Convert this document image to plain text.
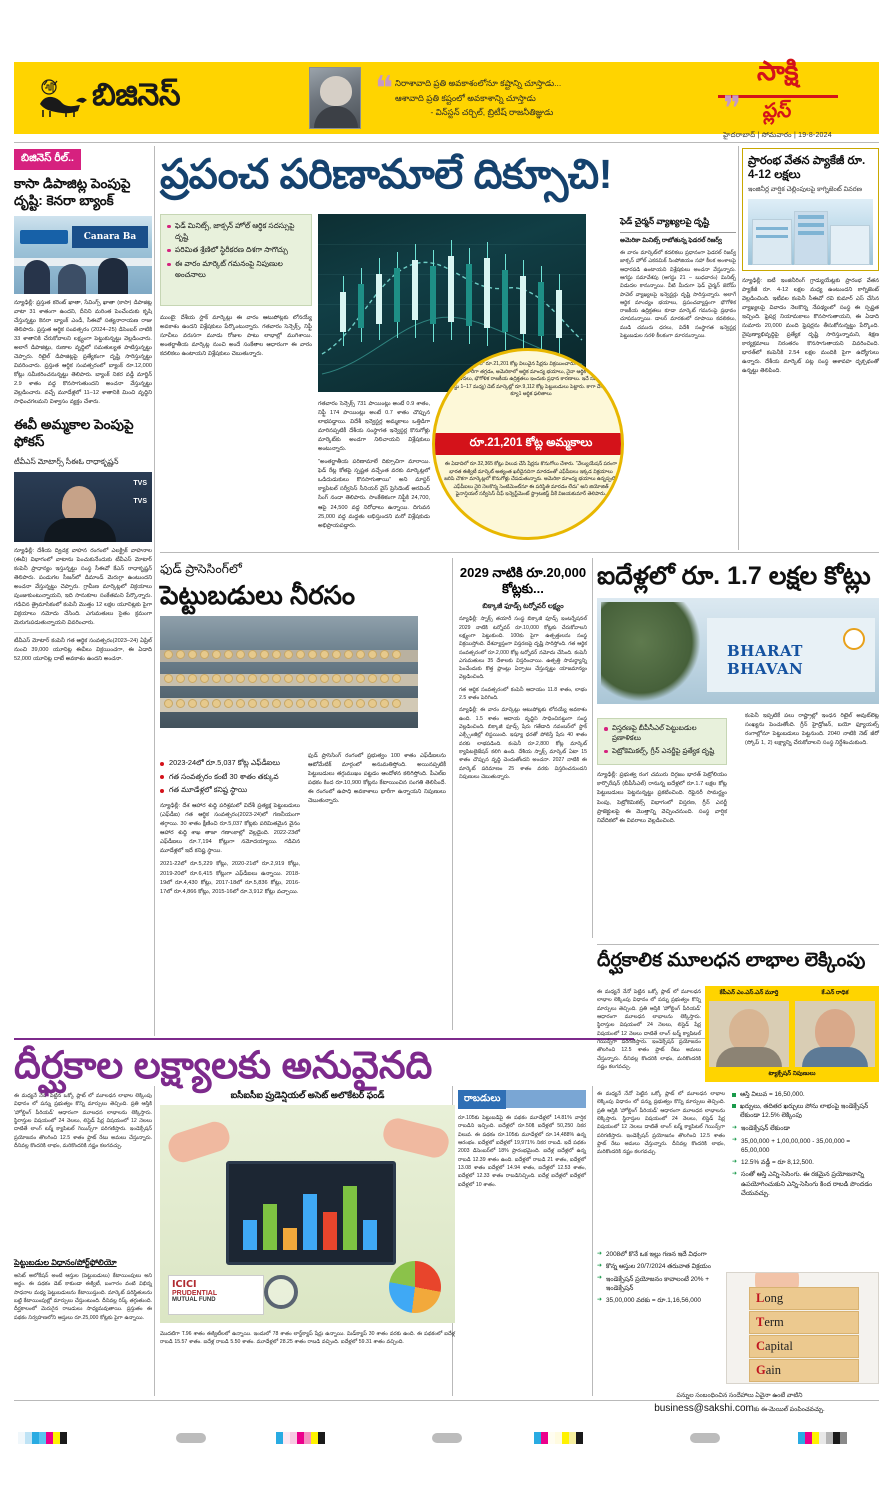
బిజినెస్	❝ నిరాశావాది ప్రతి అవకాశంలోనూ కష్టాన్ని చూస్తాడు...

ఆశావాది ప్రతి కష్టంలో అవకాశాన్ని చూస్తాడు

- విన్‌స్టన్ చర్చిల్, బ్రిటీష్ రాజనీతిజ్ఞుడు	❞
సాక్షి
ప్లస్
హైదరాబాద్ ‌‌| సోమవారం | 19-8-2024
బిజినెస్ రీల్..
కాసా డిపాజిట్ల పెంపుపై దృష్టి: కెనరా బ్యాంక్
Canara Ba
న్యూఢిల్లీ: ప్రస్తుత కరెంట్ ఖాతా, సేవింగ్స్ ఖాతా (కాసా) డిపాజిట్ల వాటా 31 శాతంగా ఉందని, దీనిని మరింత పెంచేందుకు కృషి చేస్తున్నట్టు కెనరా బ్యాంక్ ఎండీ, సీఈవో సత్యనారాయణ రాజు తెలిపారు. ప్రస్తుత ఆర్థిక సంవత్సరం (2024–25) డిసెంబర్ నాటికి 33 శాతానికి చేరుకోవాలని లక్ష్యంగా పెట్టుకున్నట్టు వెల్లడించారు. అలాగే డిపాజిట్లు, రుణాల వృద్ధిలో సమతుల్యత పాటిస్తున్నట్టు చెప్పారు. రిటైల్ డిపాజిట్లపై ప్రత్యేకంగా దృష్టి సారిస్తున్నట్టు వివరించారు. ప్రస్తుత ఆర్థిక సంవత్సరంలో బ్యాంక్ రూ.12,000 కోట్లు సమీకరించనున్నట్టు తెలిపారు. బ్యాంక్ నికర వడ్డీ మార్జిన్ 2.9 శాతం వద్ద కొనసాగుతుందని అంచనా వేస్తున్నట్టు వెల్లడించారు. వచ్చే మూడేళ్లలో 11–12 శాతానికి మించి వృద్ధిని సాధించగలమని విశ్వాసం వ్యక్తం చేశారు.
ఈవీ అమ్మకాల పెంపుపై ఫోకస్
టీవీఎస్ మోటార్స్ సీఈఓ రాధాకృష్ణన్
TVS
TVS
న్యూఢిల్లీ: దేశీయ ద్విచక్ర వాహన రంగంలో ఎలక్ట్రిక్ వాహనాల (ఈవీ) విభాగంలో వాటాను పెంచుకునేందుకు టీవీఎస్ మోటార్ కంపెనీ ప్రాధాన్యం ఇస్తున్నట్టు సంస్థ సీఈవో కేఎన్ రాధాకృష్ణన్ తెలిపారు. పండుగల సీజన్‌లో డిమాండ్ మెరుగ్గా ఉంటుందని అంచనా వేస్తున్నట్టు చెప్పారు. గ్రామీణ మార్కెట్లలో విక్రయాలు పుంజుకుంటున్నాయని, ఇది సానుకూల సంకేతమని పేర్కొన్నారు. గడిచిన త్రైమాసికంలో కంపెనీ మొత్తం 12 లక్షల యూనిట్లకు పైగా విక్రయాలు నమోదు చేసింది. ఎగుమతులు సైతం క్రమంగా మెరుగుపడుతున్నాయని వివరించారు.
టీవీఎస్ మోటార్ కంపెనీ గత ఆర్థిక సంవత్సరం(2023–24) ఏప్రిల్ నుంచి 39,000 యూనిట్ల ఈవీలు విక్రయించగా, ఈ ఏడాది 52,000 యూనిట్ల దాటే అవకాశం ఉందని అంచనా.
పెట్టుబడుల విధానం/పోర్ట్‌ఫోలియో
అసెట్ అలోకేషన్ అంటే ఆస్తుల (పెట్టుబడులు) కేటాయింపులు అని అర్థం. ఈ పథకం డెట్ కాకుండా ఈక్విటీ, బంగారం వంటి విభిన్న సాధనాల మధ్య పెట్టుబడులను కేటాయిస్తుంది. మార్కెట్ పరిస్థితులను బట్టి కేటాయింపుల్లో మార్పులు చేస్తుంటుంది. దీనివల్ల రిస్క్ తగ్గుతుంది. దీర్ఘకాలంలో మెరుగైన రాబడులు సాధ్యమవుతాయి. ప్రస్తుతం ఈ పథకం నిర్వహణలోని ఆస్తులు రూ.25,000 కోట్లకు పైగా ఉన్నాయి.
ఈ మధ్యనే నేనో పెట్టిన ఒక్కో ప్లాట్ లో మూలధన లాభాల లెక్కింపు విధానం లో పన్ను ప్రభుత్వం కొన్ని మార్పులు తెచ్చింది. ప్రతి ఆస్తికి 'హోల్డింగ్ పీరియడ్' ఆధారంగా మూలధన లాభాలను లెక్కిస్తారు. స్థిరాస్తుల విషయంలో 24 నెలలు, లిస్టెడ్ షేర్ల విషయంలో 12 నెలలు దాటితే లాంగ్ టర్మ్ క్యాపిటల్ గెయిన్స్‌గా పరిగణిస్తారు. ఇండెక్సేషన్ ప్రయోజనం తొలగించి 12.5 శాతం ఫ్లాట్ రేటు అమలు చేస్తున్నారు. దీనివల్ల కొందరికి లాభం, మరికొందరికి నష్టం కలగవచ్చు.
ప్రపంచ పరిణామాలే దిక్సూచి!
ఫెడ్ మినిట్స్, జాక్సన్ హోల్ ఆర్థిక సదస్సుపై దృష్టి
పరిమిత శ్రేణిలో స్థిరీకరణ దిశగా సాగొచ్చు
ఈ వారం మార్కెట్ గమనంపై నిపుణుల అంచనాలు
ఫెడ్ చైర్మన్ వ్యాఖ్యలపై దృష్టి
అమెరికా మినిట్స్ రాబోతున్న ఫెడరల్ రిజర్వ్
ఈ వారం మార్కెట్‌లో కదలికలు ప్రధానంగా ఫెడరల్ రిజర్వ్ జాక్సన్ హోల్ ఎకనమిక్ సింపోజియం సహా కీలక అంశాలపై ఆధారపడి ఉంటాయని విశ్లేషకులు అంచనా వేస్తున్నారు. ఆగస్టు సమావేశపు (ఆగస్టు 21 – బుధవారం) మినిట్స్ విడుదల కానున్నాయి. వీటి మీదుగా ఫెడ్ చైర్మన్ జెరోమ్ పావెల్ వ్యాఖ్యలపై ఇన్వెస్టర్లు దృష్టి సారిస్తున్నారు. అలాగే ఆర్థిక మాంద్యం భయాలు, ప్రపంచవ్యాప్తంగా భౌగోళిక రాజకీయ ఉద్రిక్తతలు కూడా మార్కెట్ గమనంపై ప్రభావం చూపనున్నాయి. డాలర్ మారకంలో రూపాయి కదలికలు, ముడి చమురు ధరలు, విదేశీ సంస్థాగత ఇన్వెస్టర్ల పెట్టుబడుల సరళి కీలకంగా మారనున్నాయి.
ముంబై: దేశీయ స్టాక్ మార్కెట్లు ఈ వారం ఆటుపోట్లకు లోనయ్యే అవకాశం ఉందని విశ్లేషకులు పేర్కొంటున్నారు. గతవారం సెన్సెక్స్, నిఫ్టీ సూచీలు వరుసగా మూడు రోజుల పాటు లాభాల్లో ముగిశాయి. అంతర్జాతీయ మార్కెట్ల నుంచి అందే సంకేతాల ఆధారంగా ఈ వారం కదలికలు ఉంటాయని విశ్లేషకులు చెబుతున్నారు.
గతవారం సెన్సెక్స్ 731 పాయింట్లు అంటే 0.9 శాతం, నిఫ్టీ 174 పాయింట్లు అంటే 0.7 శాతం చొప్పున లాభపడ్డాయి. విదేశీ ఇన్వెస్టర్ల అమ్మకాలు ఒత్తిడిగా మారినప్పటికీ దేశీయ సంస్థాగత ఇన్వెస్టర్ల కొనుగోళ్లు మార్కెట్‌కు అండగా నిలిచాయని విశ్లేషకులు అంటున్నారు.
"అంతర్జాతీయ పరిణామాలే దిక్సూచిగా మారాయి. ఫెడ్ రేట్ల కోతపై స్పష్టత వచ్చేంత వరకు మార్కెట్లలో ఒడిదుడుకులు కొనసాగుతాయి" అని మాస్టర్ క్యాపిటల్ సర్వీసెస్ సీనియర్ వైస్ ప్రెసిడెంట్ అరవింద్ సింగ్ నందా తెలిపారు. సాంకేతికంగా నిఫ్టీకి 24,700, ఆపై 24,500 వద్ద నిరోధాలు ఉన్నాయి. దిగువన 25,000 వద్ద మద్దతు లభిస్తుందని మరో విశ్లేషకుడు అభిప్రాయపడ్డారు.
ఆగస్టు ప్రథమార్ధంలో రూ.21,201 కోట్ల విలువైన షేర్లను విక్రయించారు. యెన్ ఆధారిత క్యారీ ట్రేడింగ్ భారీగా తగ్గడం, అమెరికాలో ఆర్థిక మాంద్య భయాలు, నైనా ఆర్థిక మందగమన అందోళనలు, భౌగోళిక రాజకీయ ఉద్రిక్తతలు ఇందుకు ప్రధాన కారణాలు. ఇదే సమయంలో (ఆగస్టు 1–17 మధ్య) డెట్ మార్కెట్లో రూ.9,112 కోట్ల పెట్టుబడులు పెట్టారు. కాగా దేశీయంగా క్యూ1 ఆర్థిక ఫలితాలు
రూ.21,201 కోట్ల అమ్మకాలు
ఈ ఏడాదిలో రూ.32,365 కోట్లు విలువ చేసే షేర్లను కొనుగోలు చేశారు. "వేల్యుయేషన్ పరంగా భారత ఈక్విటీ మార్కెట్ అత్యంత ఖరీదైనదిగా మారడంతో ఎఫ్‌పీఐలు ఇక్కడ విక్రయాలు జరిపి చౌకగా మార్కెట్లలో కొనుగోళ్లు చేపడుతున్నారు. అమెరికా మాంద్య భయాలు ఉన్నప్పటికీ ఎఫ్‌పీఐలు నైరి నెలకొన్న సెంటిమెంట్‌నూ ఈ పరిస్థితి మారడం లేదు" అని జియోజిత్ ఫైనాన్షియల్ సర్వీసెస్ చీఫ్ ఇన్వెస్ట్‌మెంట్ స్ట్రాటజిస్ట్ వీకే విజయకుమార్ తెలిపారు.
ప్రారంభ వేతన ప్యాకేజీ రూ. 4-12 లక్షలు
ఇంజినీర్ల వార్షిక చెల్లింపులపై కాగ్నిజెంట్ వివరణ
న్యూఢిల్లీ: ఐటీ ఇంజినీరింగ్ గ్రాడ్యుయేట్లకు ప్రారంభ వేతన ప్యాకేజీ రూ. 4-12 లక్షల మధ్య ఉంటుందని కాగ్నిజెంట్ వెల్లడించింది. ఇటీవల కంపెనీ సీఈవో రవి కుమార్ ఎస్ చేసిన వ్యాఖ్యలపై వివాదం నెలకొన్న నేపథ్యంలో సంస్థ ఈ స్పష్టత ఇచ్చింది. ఫ్రెషర్ల నియామకాలు కొనసాగుతాయని, ఈ ఏడాది సుమారు 20,000 మంది ఫ్రెషర్లను తీసుకోనున్నట్టు పేర్కొంది. నైపుణ్యాభివృద్ధిపై ప్రత్యేక దృష్టి సారిస్తున్నామని, శిక్షణ కార్యక్రమాలు నిరంతరం కొనసాగుతాయని వివరించింది. భారత్‌లో కంపెనీకి 2.54 లక్షల మందికి పైగా ఉద్యోగులు ఉన్నారు. దేశీయ మార్కెట్ పట్ల సంస్థ ఆశావహ దృక్పథంతో ఉన్నట్టు తెలిపింది.
ఫుడ్ ప్రాసెసింగ్‌లో
పెట్టుబడులు నీరసం
2023-24లో రూ.5,037 కోట్ల ఎఫ్‌డీఐలు
గత సంవత్సరం కంటే 30 శాతం తక్కువ
గత మూడేళ్లలో కనిష్ట స్థాయి
న్యూఢిల్లీ: దేశ ఆహార శుద్ధి పరిశ్రమలో విదేశీ ప్రత్యక్ష పెట్టుబడులు (ఎఫ్‌డీఐ) గత ఆర్థిక సంవత్సరం(2023-24)లో గణనీయంగా తగ్గాయి. 30 శాతం క్షీణించి రూ.5,037 కోట్లకు పరిమితమైన వైనం ఆహార శుద్ధి శాఖ తాజా గణాంకాల్లో వెల్లడైంది. 2022-23లో ఎఫ్‌డీఐలు రూ.7,194 కోట్లుగా నమోదయ్యాయి. గడిచిన మూడేళ్లలో ఇదే కనిష్ట స్థాయి.
2021-22లో రూ.5,229 కోట్లు, 2020-21లో రూ.2,919 కోట్లు, 2019-20లో రూ.6,415 కోట్లుగా ఎఫ్‌డీఐలు ఉన్నాయి. 2018-19లో రూ.4,430 కోట్లు, 2017-18లో రూ.5,836 కోట్లు, 2016-17లో రూ.4,866 కోట్లు, 2015-16లో రూ.3,912 కోట్లు వచ్చాయి.
ఫుడ్ ప్రాసెసింగ్ రంగంలో ప్రభుత్వం 100 శాతం ఎఫ్‌డీఐలను ఆటోమేటిక్ మార్గంలో అనుమతిస్తోంది. అయినప్పటికీ పెట్టుబడులు తగ్గుముఖం పట్టడం ఆందోళన కలిగిస్తోంది. పీఎల్ఐ పథకం కింద రూ.10,900 కోట్లను కేటాయించిన సంగతి తెలిసిందే. ఈ రంగంలో ఉపాధి అవకాశాలు భారీగా ఉన్నాయని నిపుణులు చెబుతున్నారు.
2029 నాటికి రూ.20,000 కోట్లకు...
బిక్కాజీ ఫూడ్స్ టర్నోవర్ లక్ష్యం
న్యూఢిల్లీ: స్నాక్స్ తయారీ సంస్థ బిక్కాజీ ఫూడ్స్ ఇంటర్నేషనల్ 2029 నాటికి టర్నోవర్ రూ.10,000 కోట్లకు చేరుకోవాలని లక్ష్యంగా పెట్టుకుంది. 100కు పైగా ఉత్పత్తులను సంస్థ విక్రయిస్తోంది. దేశవ్యాప్తంగా విస్తరణపై దృష్టి సారిస్తోంది. గత ఆర్థిక సంవత్సరంలో రూ.2,000 కోట్ల టర్నోవర్ నమోదు చేసింది. కంపెనీ ఎగుమతులు 35 దేశాలకు విస్తరించాయి. ఉత్పత్తి సామర్థ్యాన్ని పెంచేందుకు కొత్త ప్లాంట్లు ఏర్పాటు చేస్తున్నట్టు యాజమాన్యం వెల్లడించింది.
గత ఆర్థిక సంవత్సరంలో కంపెనీ ఆదాయం 11.8 శాతం, లాభం 2.5 శాతం పెరిగింది.
న్యూఢిల్లీ: ఈ వారం మార్కెట్లు ఆటుపోట్లకు లోనయ్యే అవకాశం ఉంది. 1.5 శాతం ఆదాయ వృద్ధిని సాధించినట్టుగా సంస్థ వెల్లడించింది. బిక్కాజీ ఫూడ్స్ షేరు గతేడాది నవంబర్‌లో స్టాక్ ఎక్స్చేంజీల్లో లిస్టయింది. ఇష్యూ ధరతో పోలిస్తే షేరు 40 శాతం వరకు లాభపడింది. కంపెనీ రూ.2,800 కోట్ల మార్కెట్ క్యాపిటలైజేషన్ కలిగి ఉంది. దేశీయ స్నాక్స్ మార్కెట్ ఏటా 15 శాతం చొప్పున వృద్ధి చెందుతోందని అంచనా. 2027 నాటికి ఈ మార్కెట్ పరిమాణం 25 శాతం వరకు విస్తరించనుందని నిపుణులు చెబుతున్నారు.
ఐదేళ్లలో రూ. 1.7 లక్షల కోట్లు
BHARAT BHAVAN
విస్తరణపై బీపీసీఎల్ పెట్టుబడుల ప్రణాళికలు
పెట్రోకెమికల్స్, గ్రీన్ ఎనర్జీపై ప్రత్యేక దృష్టి
న్యూఢిల్లీ: ప్రభుత్వ రంగ చమురు దిగ్గజం భారత్ పెట్రోలియం కార్పొరేషన్ (బీపీసీఎల్) రానున్న ఐదేళ్లలో రూ.1.7 లక్షల కోట్ల పెట్టుబడులు పెట్టనున్నట్టు ప్రకటించింది. రిఫైనరీ సామర్థ్యం పెంపు, పెట్రోకెమికల్స్ విభాగంలో విస్తరణ, గ్రీన్ ఎనర్జీ ప్రాజెక్టులపై ఈ మొత్తాన్ని వెచ్చించనుంది. సంస్థ వార్షిక నివేదికలో ఈ వివరాలు వెల్లడించింది.
కంపెనీ ఇప్పటికే పలు రాష్ట్రాల్లో ఇంధన రిటైల్ అవుట్‌లెట్ల సంఖ్యను పెంచుతోంది. గ్రీన్ హైడ్రోజన్, బయో ఫ్యూయల్స్ రంగాల్లోనూ పెట్టుబడులు పెట్టనుంది. 2040 నాటికి నెట్ జీరో (స్కోప్ 1, 2) లక్ష్యాన్ని చేరుకోవాలని సంస్థ నిర్దేశించుకుంది.
దీర్ఘకాలిక మూలధన లాభాల లెక్కింపు
కేపీఎన్ ఎం.ఎస్.ఎన్ మూర్తి	కే.ఎన్ రాధిక
ట్యాక్సేషన్ నిపుణులు
ఈ మధ్యనే నేనో పెట్టిన ఒక్కో ప్లాట్ లో మూలధన లాభాల లెక్కింపు విధానం లో పన్ను ప్రభుత్వం కొన్ని మార్పులు తెచ్చింది. ప్రతి ఆస్తికి 'హోల్డింగ్ పీరియడ్' ఆధారంగా మూలధన లాభాలను లెక్కిస్తారు. స్థిరాస్తుల విషయంలో 24 నెలలు, లిస్టెడ్ షేర్ల విషయంలో 12 నెలలు దాటితే లాంగ్ టర్మ్ క్యాపిటల్ గెయిన్స్‌గా పరిగణిస్తారు. ఇండెక్సేషన్ ప్రయోజనం తొలగించి 12.5 శాతం ఫ్లాట్ రేటు అమలు చేస్తున్నారు. దీనివల్ల కొందరికి లాభం, మరికొందరికి నష్టం కలగవచ్చు.
దీర్ఘకాల లక్ష్యాలకు అనువైనది
ఐసీఐసీఐ ప్రుడెన్షియల్ అసెట్ అలొకేటర్ ఫండ్
ICICI
PRUDENTIAL
MUTUAL FUND
మొదటిగా T.96 శాతం ఈక్విటీలలో ఉన్నాయి. ఇందులో 78 శాతం లార్జ్‌క్యాప్ షేర్లు ఉన్నాయి. మిడ్‌క్యాప్ 30 శాతం వరకు ఉంది. ఈ పథకంలో ఐదేళ్ల రాబడి 15.57 శాతం. ఐదేళ్ల రాబడి 5.50 శాతం. మూడేళ్లలో 28.25 శాతం రాబడి వచ్చింది. ఐదేళ్లలో 59.31 శాతం వచ్చింది.
రాబడులు
రూ.105కు పెట్టుబడిపై ఈ పథకం మూడేళ్లలో 14.81% వార్షిక రాబడిని ఇచ్చింది. ఐదేళ్లలో రూ.50కి ఐదేళ్లలో 50,250 నికర విలువ. ఈ పథకం రూ.105కు మూడేళ్లలో రూ.14,488% ఉన్న ఆరంభం. ఐదేళ్లలో ఐదేళ్లలో 19,971% నికర రాబడి. ఇదే పథకం 2003 డిసెంబర్‌లో 18% ప్రారంభమైంది. ఐదేళ్ల ఐదేళ్లలో ఉన్న రాబడి 12.39 శాతం ఉంది. ఐదేళ్లలో రాబడి 21 శాతం, ఐదేళ్లలో 13.08 శాతం ఐదేళ్లలో 14.94 శాతం, ఐదేళ్లలో 12.53 శాతం, ఐదేళ్లలో 12.33 శాతం రాబడినిచ్చింది. ఐదేళ్ల ఐదేళ్లలో ఐదేళ్లలో ఐదేళ్లలో 10 శాతం.
ఈ మధ్యనే నేనో పెట్టిన ఒక్కో ప్లాట్ లో మూలధన లాభాల లెక్కింపు విధానం లో పన్ను ప్రభుత్వం కొన్ని మార్పులు తెచ్చింది. ప్రతి ఆస్తికి 'హోల్డింగ్ పీరియడ్' ఆధారంగా మూలధన లాభాలను లెక్కిస్తారు. స్థిరాస్తుల విషయంలో 24 నెలలు, లిస్టెడ్ షేర్ల విషయంలో 12 నెలలు దాటితే లాంగ్ టర్మ్ క్యాపిటల్ గెయిన్స్‌గా పరిగణిస్తారు. ఇండెక్సేషన్ ప్రయోజనం తొలగించి 12.5 శాతం ఫ్లాట్ రేటు అమలు చేస్తున్నారు. దీనివల్ల కొందరికి లాభం, మరికొందరికి నష్టం కలగవచ్చు.
ఆస్తి విలువ = 16,50,000.
ఖర్చులు, తదితర ఖర్చులు పోను లాభంపై ఇండెక్సేషన్ లేకుండా 12.5% లెక్కింపు
➜ ఇండెక్సేషన్ లేకుండా
➜ 35,00,000 + 1,00,00,000 - 35,00,000 = 65,00,000
➜ 12.5% వడ్డీ = రూ 8,12,500.
➜ సంతో ఆస్తి ఎన్ని-సెసింగు. ఈ రకమైన ప్రయోజనాన్ని ఉపయోగించుకుని ఎన్ని-సెసింగు కింద రాబడి పొందడం చేయవచ్చు.
L ong
T erm
C apital
G ain
➜ 2008లో కొనే ఒక ఇల్లు గణన ఇదే విధంగా
➜ కొన్న ఆస్తుల 20/7/2024 తరువాత విక్రయం
➜ ఇండెక్సేషన్ ప్రయోజనం కావాలంటే 20% + ఇండెక్సేషన్
➜ 35,00,000 వరకు = రూ.1,16,56,000
పన్నుల సంబంధించిన సందేహాలు ఏవైనా ఉంటే వాటిని
business@sakshi.comకు ఈ-మెయిల్ పంపించవచ్చు.
